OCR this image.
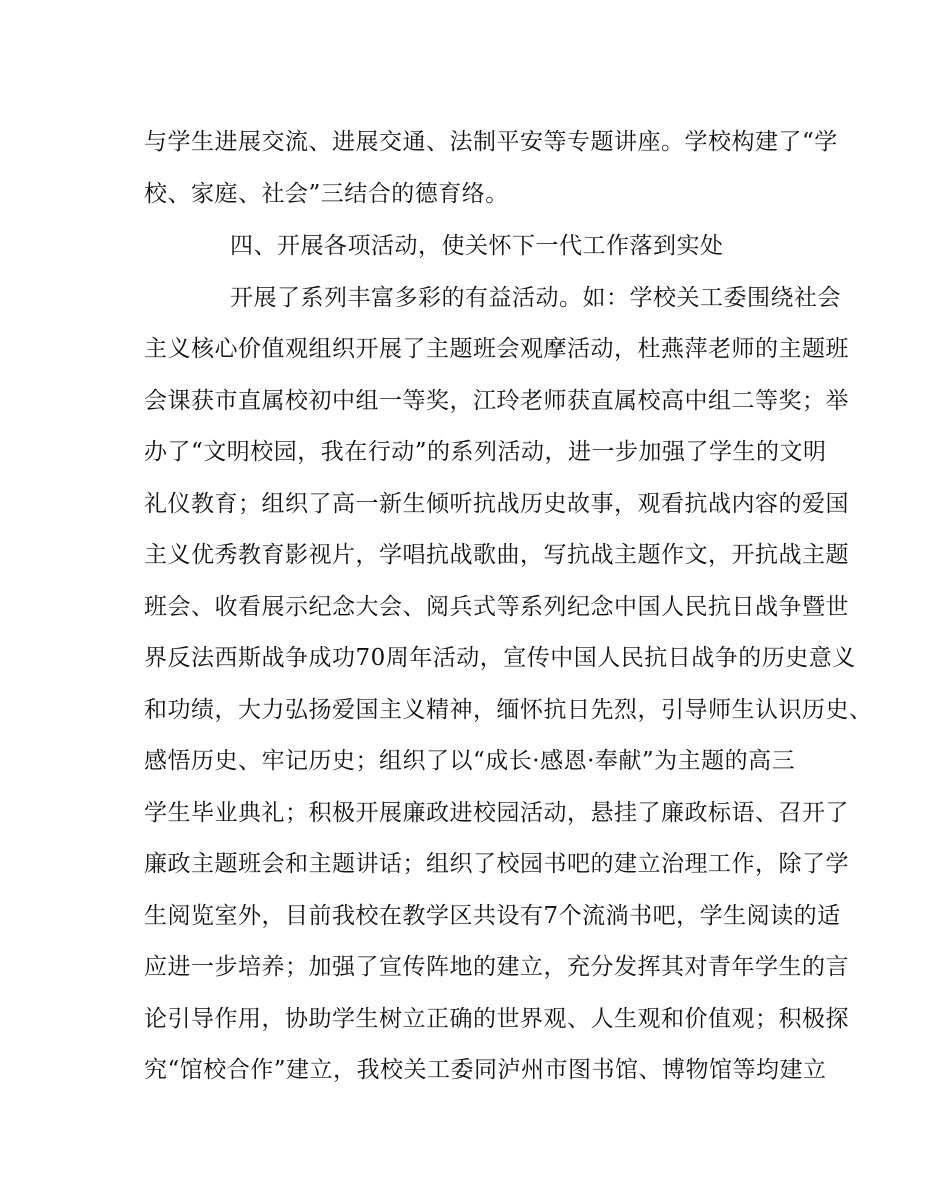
与学生进展交流、进展交通、法制平安等专题讲座。学校构建了“学
校、家庭、社会”三结合的德育络。
四、开展各项活动，使关怀下一代工作落到实处
开展了系列丰富多彩的有益活动。如：学校关工委围绕社会
主义核心价值观组织开展了主题班会观摩活动，杜燕萍老师的主题班
会课获市直属校初中组一等奖，江玲老师获直属校高中组二等奖；举
办了“文明校园，我在行动”的系列活动，进一步加强了学生的文明
礼仪教育；组织了高一新生倾听抗战历史故事，观看抗战内容的爱国
主义优秀教育影视片，学唱抗战歌曲，写抗战主题作文，开抗战主题
班会、收看展示纪念大会、阅兵式等系列纪念中国人民抗日战争暨世
界反法西斯战争成功70周年活动，宣传中国人民抗日战争的历史意义
和功绩，大力弘扬爱国主义精神，缅怀抗日先烈，引导师生认识历史、
感悟历史、牢记历史；组织了以“成长·感恩·奉献”为主题的高三
学生毕业典礼；积极开展廉政进校园活动，悬挂了廉政标语、召开了
廉政主题班会和主题讲话；组织了校园书吧的建立治理工作，除了学
生阅览室外，目前我校在教学区共设有7个流淌书吧，学生阅读的适
应进一步培养；加强了宣传阵地的建立，充分发挥其对青年学生的言
论引导作用，协助学生树立正确的世界观、人生观和价值观；积极探
究“馆校合作”建立，我校关工委同泸州市图书馆、博物馆等均建立
